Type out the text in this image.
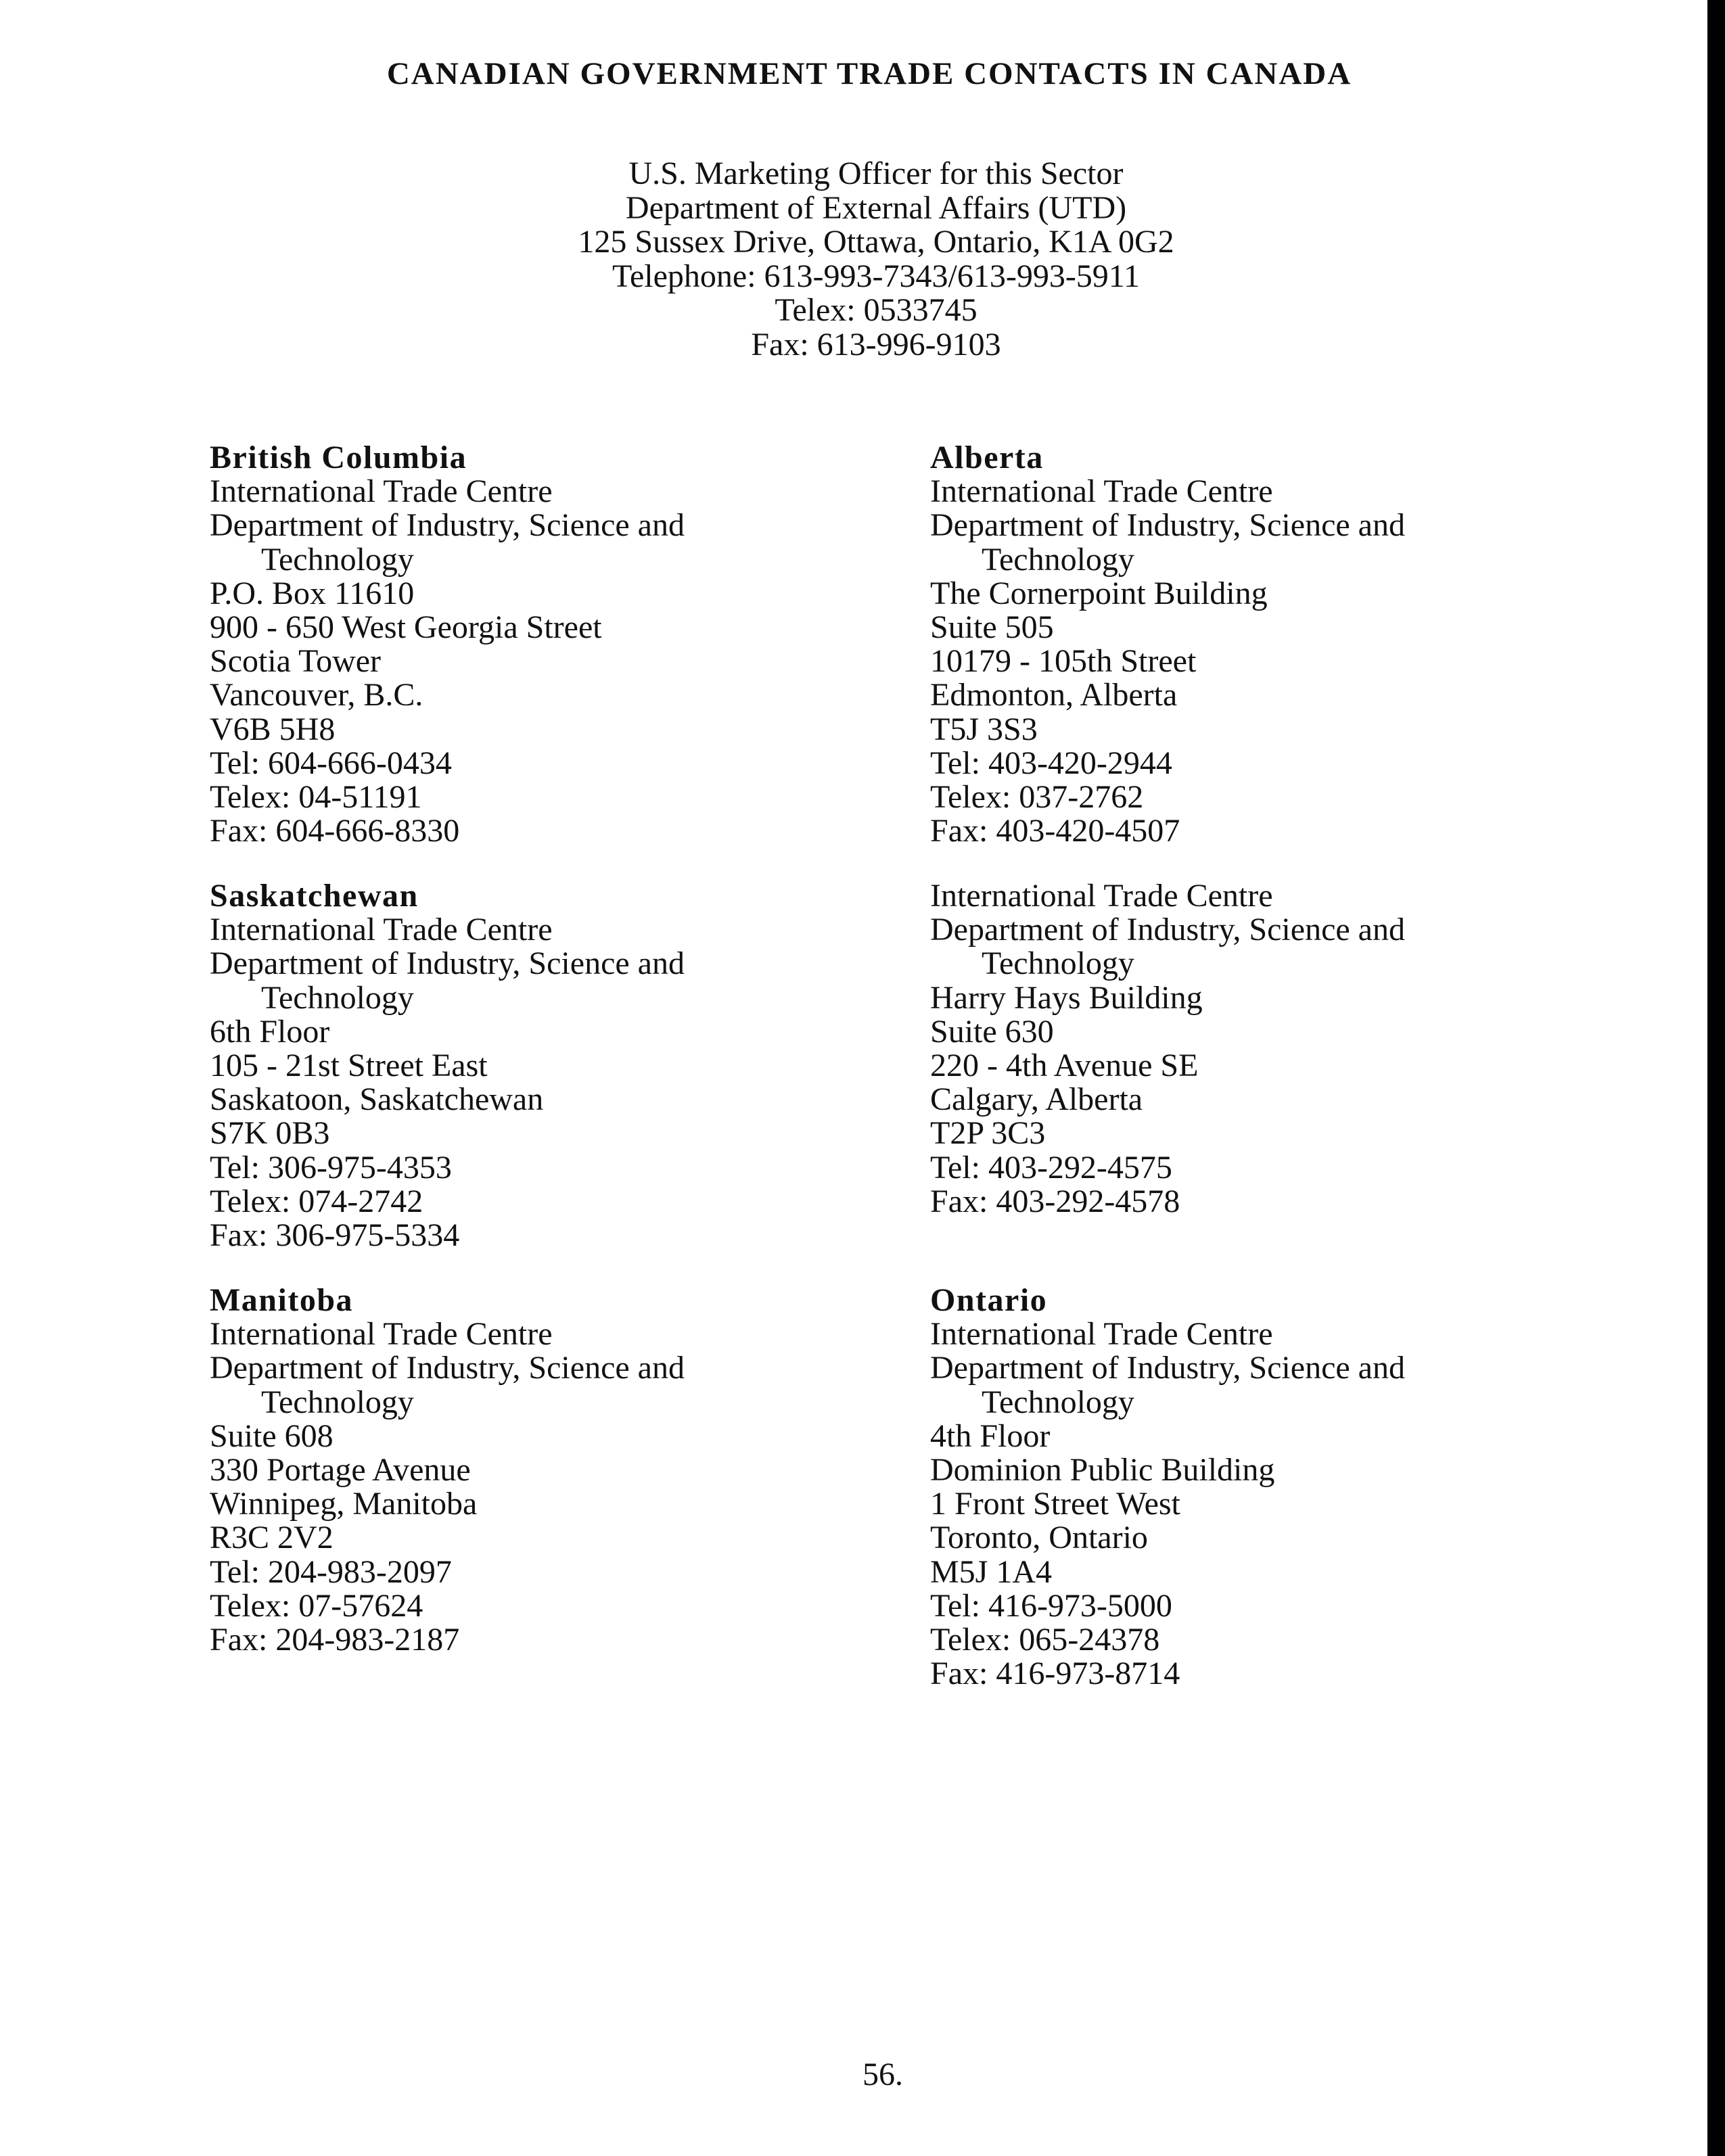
CANADIAN GOVERNMENT TRADE CONTACTS IN CANADA
U.S. Marketing Officer for this Sector
Department of External Affairs (UTD)
125 Sussex Drive, Ottawa, Ontario, K1A 0G2
Telephone: 613-993-7343/613-993-5911
Telex: 0533745
Fax: 613-996-9103
British Columbia
International Trade Centre
Department of Industry, Science and
Technology
P.O. Box 11610
900 - 650 West Georgia Street
Scotia Tower
Vancouver, B.C.
V6B 5H8
Tel: 604-666-0434
Telex: 04-51191
Fax: 604-666-8330
Alberta
International Trade Centre
Department of Industry, Science and
Technology
The Cornerpoint Building
Suite 505
10179 - 105th Street
Edmonton, Alberta
T5J 3S3
Tel: 403-420-2944
Telex: 037-2762
Fax: 403-420-4507
Saskatchewan
International Trade Centre
Department of Industry, Science and
Technology
6th Floor
105 - 21st Street East
Saskatoon, Saskatchewan
S7K 0B3
Tel: 306-975-4353
Telex: 074-2742
Fax: 306-975-5334
International Trade Centre
Department of Industry, Science and
Technology
Harry Hays Building
Suite 630
220 - 4th Avenue SE
Calgary, Alberta
T2P 3C3
Tel: 403-292-4575
Fax: 403-292-4578
Manitoba
International Trade Centre
Department of Industry, Science and
Technology
Suite 608
330 Portage Avenue
Winnipeg, Manitoba
R3C 2V2
Tel: 204-983-2097
Telex: 07-57624
Fax: 204-983-2187
Ontario
International Trade Centre
Department of Industry, Science and
Technology
4th Floor
Dominion Public Building
1 Front Street West
Toronto, Ontario
M5J 1A4
Tel: 416-973-5000
Telex: 065-24378
Fax: 416-973-8714
56.
